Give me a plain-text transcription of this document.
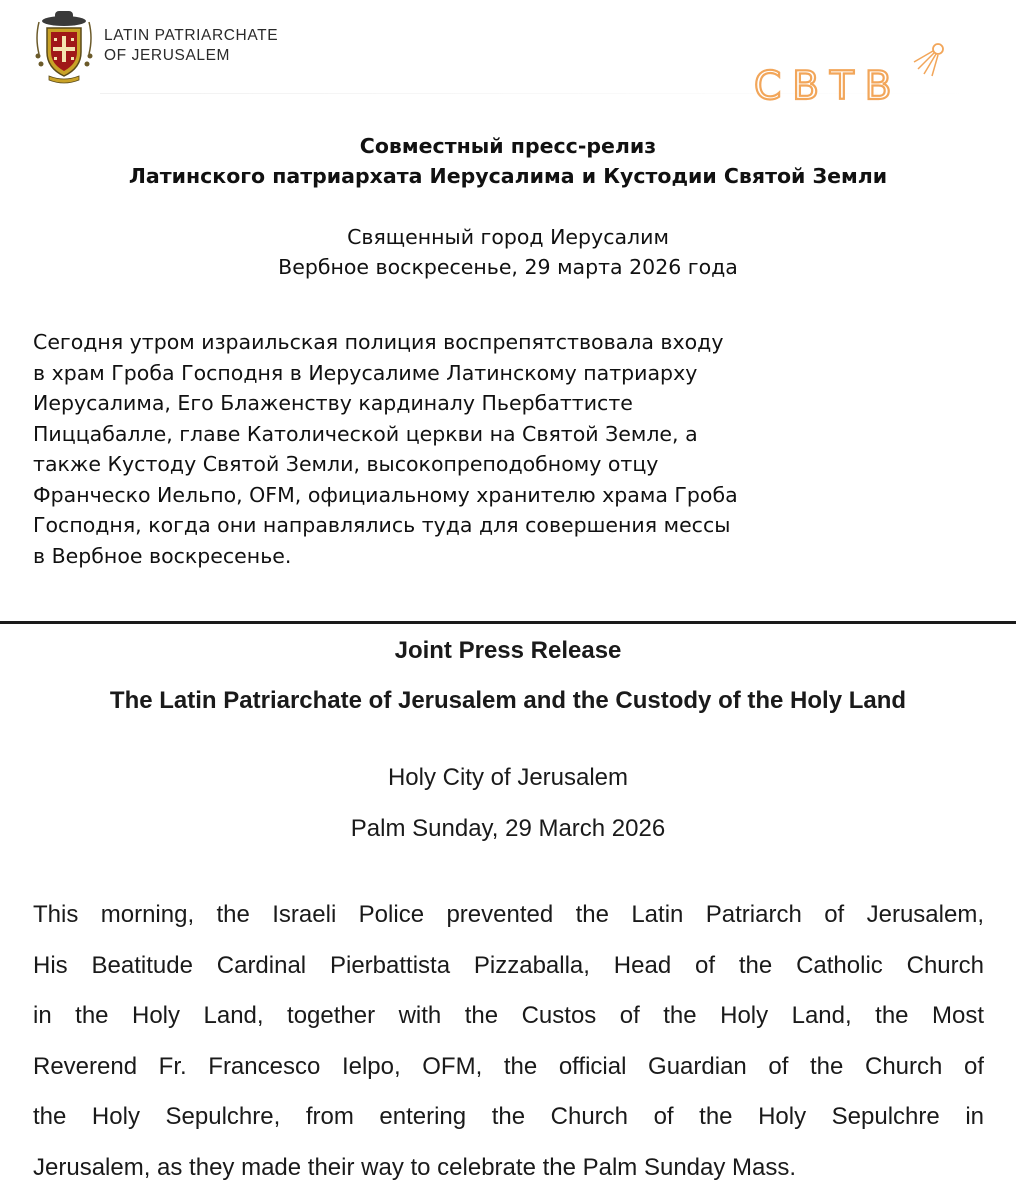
LATIN PATRIARCHATE
OF JERUSALEM
СВТВ
Совместный пресс-релиз
Латинского патриархата Иерусалима и Кустодии Святой Земли
Священный город Иерусалим
Вербное воскресенье, 29 марта 2026 года
Сегодня утром израильская полиция воспрепятствовала входу
в храм Гроба Господня в Иерусалиме Латинскому патриарху
Иерусалима, Его Блаженству кардиналу Пьербаттисте
Пиццабалле, главе Католической церкви на Святой Земле, а
также Кустоду Святой Земли, высокопреподобному отцу
Франческо Иельпо, OFM, официальному хранителю храма Гроба
Господня, когда они направлялись туда для совершения мессы
в Вербное воскресенье.
Joint Press Release
The Latin Patriarchate of Jerusalem and the Custody of the Holy Land
Holy City of Jerusalem
Palm Sunday, 29 March 2026
This morning, the Israeli Police prevented the Latin Patriarch of Jerusalem,
His Beatitude Cardinal Pierbattista Pizzaballa, Head of the Catholic Church
in the Holy Land, together with the Custos of the Holy Land, the Most
Reverend Fr. Francesco Ielpo, OFM, the official Guardian of the Church of
the Holy Sepulchre, from entering the Church of the Holy Sepulchre in
Jerusalem, as they made their way to celebrate the Palm Sunday Mass.
